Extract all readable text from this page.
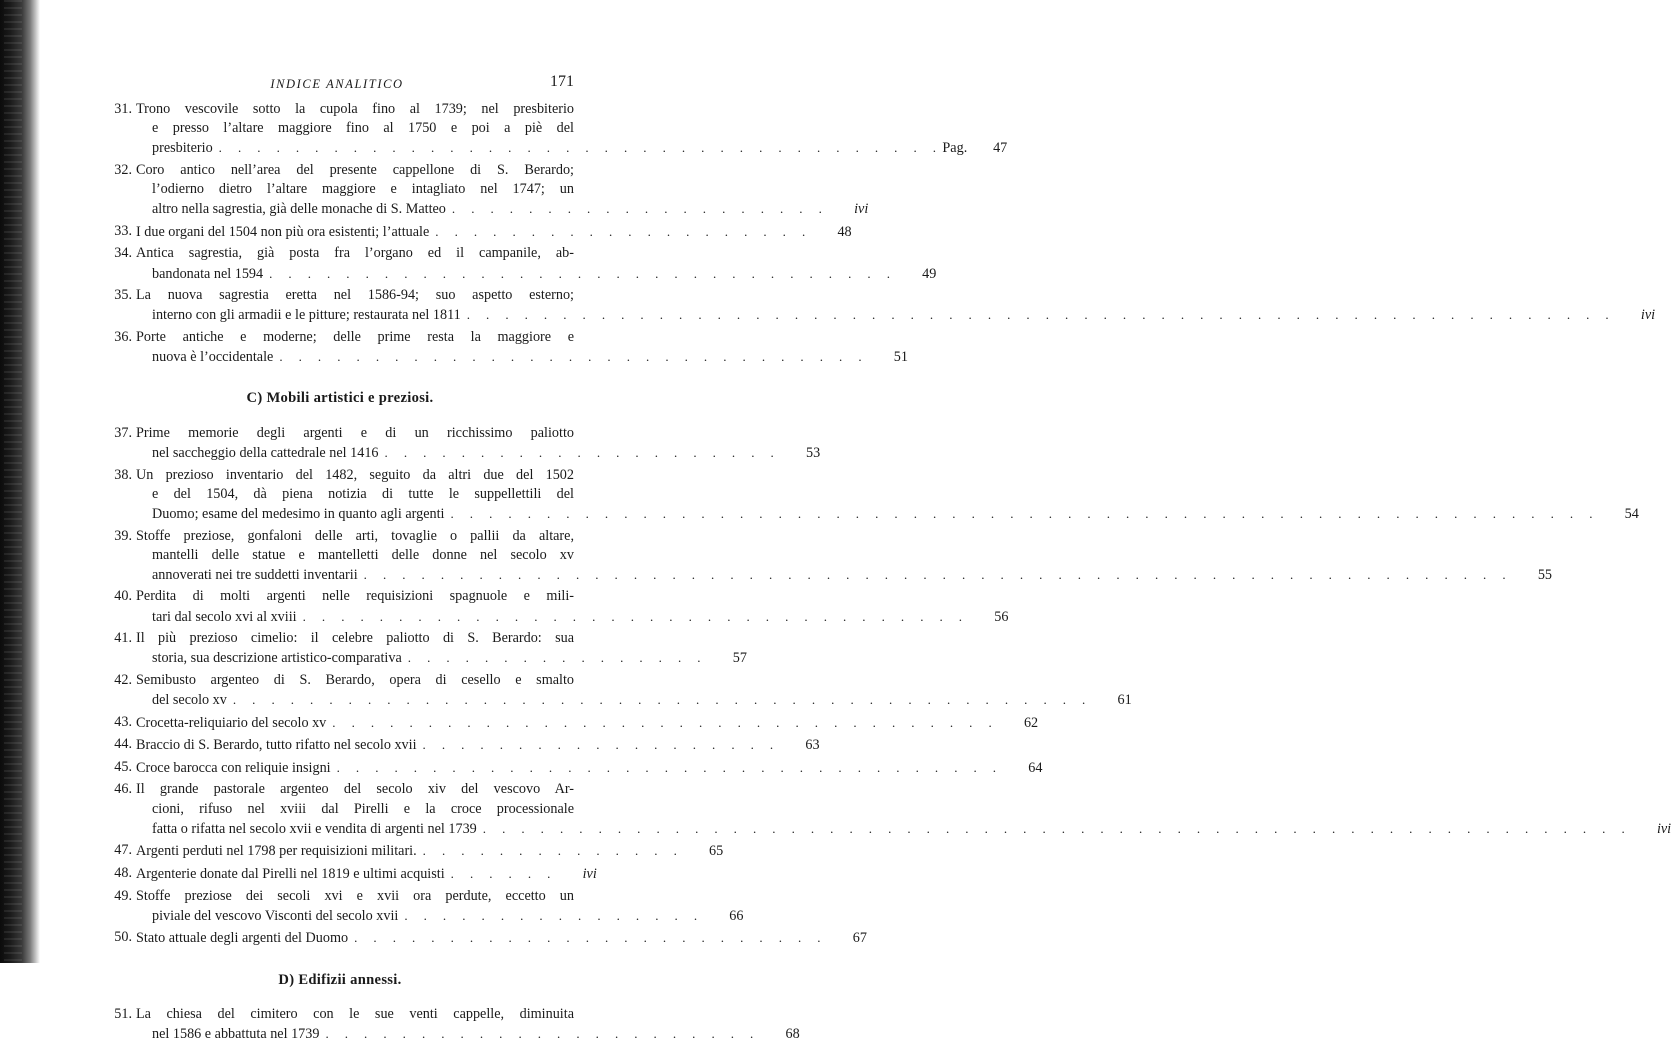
INDICE ANALITICO	171
31. Trono vescovile sotto la cupola fino al 1739; nel presbiterio
e presso l’altare maggiore fino al 1750 e poi a piè del
presbiterio . . . . . . . . . . . . . . . . . . . . . . . . . . . . . . . . . . . . . . Pag.	47
32. Coro antico nell’area del presente cappellone di S. Berardo;
l’odierno dietro l’altare maggiore e intagliato nel 1747; un
altro nella sagrestia, già delle monache di S. Matteo . . . . . . . . . . . . . . . . . . . .	ivi
33. I due organi del 1504 non più ora esistenti; l’attuale . . . . . . . . . . . . . . . . . . . .	48
34. Antica sagrestia, già posta fra l’organo ed il campanile, ab-
bandonata nel 1594 . . . . . . . . . . . . . . . . . . . . . . . . . . . . . . . . .	49
35. La nuova sagrestia eretta nel 1586-94; suo aspetto esterno;
interno con gli armadii e le pitture; restaurata nel 1811 . . . . . . . . . . . . . . . . . . . . . . . . . . . . . . . . . . . . . . . . . . . . . . . . . . . . . . . . . . . .	ivi
36. Porte antiche e moderne; delle prime resta la maggiore e
nuova è l’occidentale . . . . . . . . . . . . . . . . . . . . . . . . . . . . . . .	51
C) Mobili artistici e preziosi.
37. Prime memorie degli argenti e di un ricchissimo paliotto
nel saccheggio della cattedrale nel 1416 . . . . . . . . . . . . . . . . . . . . .	53
38. Un prezioso inventario del 1482, seguito da altri due del 1502
e del 1504, dà piena notizia di tutte le suppellettili del
Duomo; esame del medesimo in quanto agli argenti . . . . . . . . . . . . . . . . . . . . . . . . . . . . . . . . . . . . . . . . . . . . . . . . . . . . . . . . . . . .	54
39. Stoffe preziose, gonfaloni delle arti, tovaglie o pallii da altare,
mantelli delle statue e mantelletti delle donne nel secolo xv
annoverati nei tre suddetti inventarii . . . . . . . . . . . . . . . . . . . . . . . . . . . . . . . . . . . . . . . . . . . . . . . . . . . . . . . . . . . .	55
40. Perdita di molti argenti nelle requisizioni spagnuole e mili-
tari dal secolo xvi al xviii . . . . . . . . . . . . . . . . . . . . . . . . . . . . . . . . . . .	56
41. Il più prezioso cimelio: il celebre paliotto di S. Berardo: sua
storia, sua descrizione artistico-comparativa . . . . . . . . . . . . . . . .	57
42. Semibusto argenteo di S. Berardo, opera di cesello e smalto
del secolo xv . . . . . . . . . . . . . . . . . . . . . . . . . . . . . . . . . . . . . . . . . . . . .	61
43. Crocetta-reliquiario del secolo xv . . . . . . . . . . . . . . . . . . . . . . . . . . . . . . . . . . .	62
44. Braccio di S. Berardo, tutto rifatto nel secolo xvii . . . . . . . . . . . . . . . . . . .	63
45. Croce barocca con reliquie insigni . . . . . . . . . . . . . . . . . . . . . . . . . . . . . . . . . . .	64
46. Il grande pastorale argenteo del secolo xiv del vescovo Ar-
cioni, rifuso nel xviii dal Pirelli e la croce processionale
fatta o rifatta nel secolo xvii e vendita di argenti nel 1739 . . . . . . . . . . . . . . . . . . . . . . . . . . . . . . . . . . . . . . . . . . . . . . . . . . . . . . . . . . . .	ivi
47. Argenti perduti nel 1798 per requisizioni militari. . . . . . . . . . . . . . .	65
48. Argenterie donate dal Pirelli nel 1819 e ultimi acquisti . . . . . .	ivi
49. Stoffe preziose dei secoli xvi e xvii ora perdute, eccetto un
piviale del vescovo Visconti del secolo xvii . . . . . . . . . . . . . . . .	66
50. Stato attuale degli argenti del Duomo . . . . . . . . . . . . . . . . . . . . . . . . .	67
D) Edifizii annessi.
51. La chiesa del cimitero con le sue venti cappelle, diminuita
nel 1586 e abbattuta nel 1739 . . . . . . . . . . . . . . . . . . . . . . .	68
